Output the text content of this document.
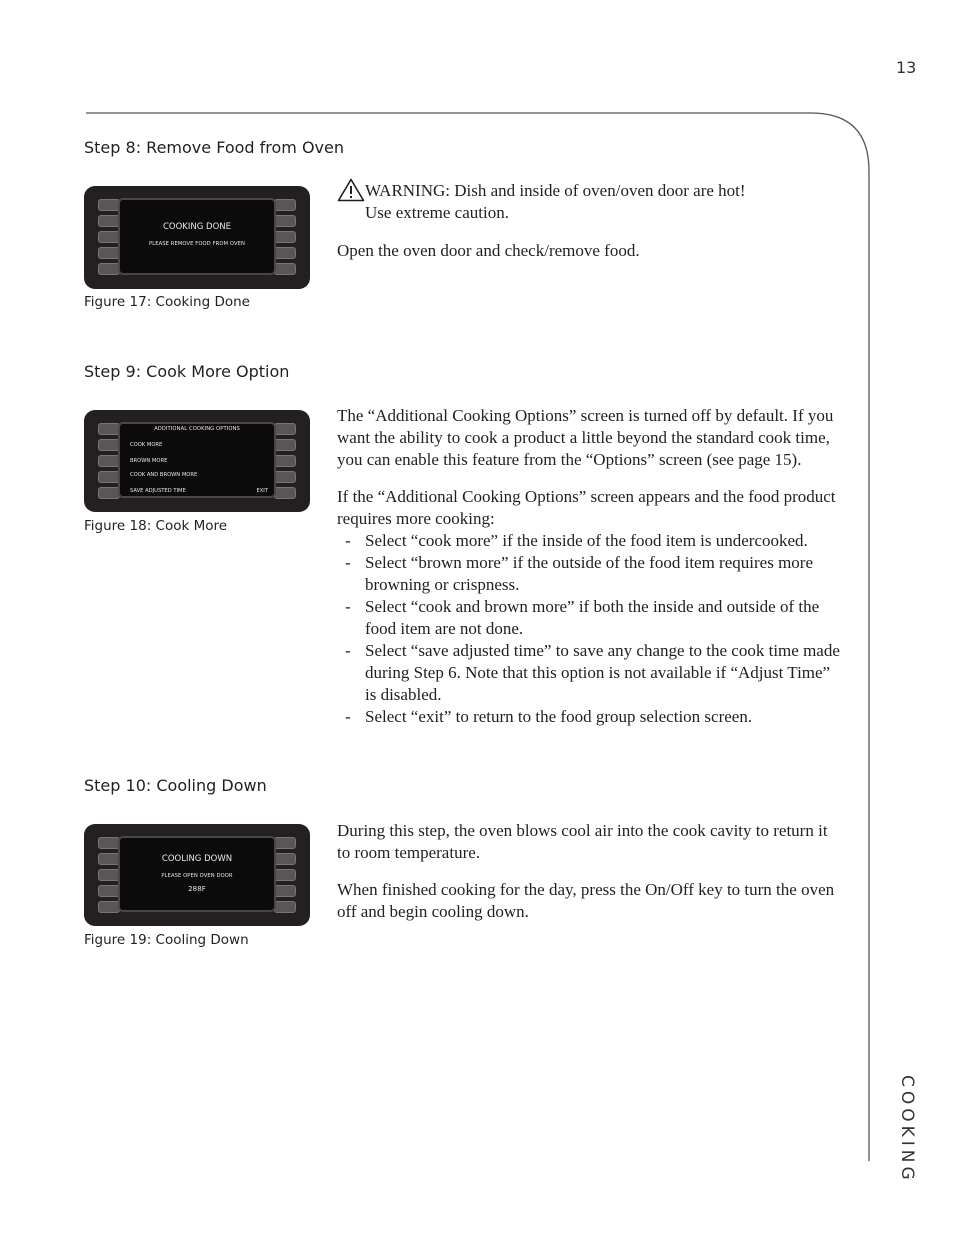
13
Step 8: Remove Food from Oven
COOKING DONE
PLEASE REMOVE FOOD FROM OVEN
Figure 17: Cooking Done
WARNING: Dish and inside of oven/oven door are hot!
Use extreme caution.
Open the oven door and check/remove food.
Step 9: Cook More Option
ADDITIONAL COOKING OPTIONS
COOK MORE
BROWN MORE
COOK AND BROWN MORE
SAVE ADJUSTED TIME	EXIT
Figure 18: Cook More
The “Additional Cooking Options” screen is turned off by default. If you want the ability to cook a product a little beyond the standard cook time, you can enable this feature from the “Options” screen (see page 15).
If the “Additional Cooking Options” screen appears and the food product requires more cooking:
- Select “cook more” if the inside of the food item is undercooked.
- Select “brown more” if the outside of the food item requires more browning or crispness.
- Select “cook and brown more” if both the inside and outside of the food item are not done.
- Select “save adjusted time” to save any change to the cook time made during Step 6. Note that this option is not available if “Adjust Time” is disabled.
- Select “exit” to return to the food group selection screen.
Step 10: Cooling Down
COOLING DOWN
PLEASE OPEN OVEN DOOR
288F
Figure 19: Cooling Down
During this step, the oven blows cool air into the cook cavity to return it to room temperature.
When finished cooking for the day, press the On/Off key to turn the oven off and begin cooling down.
COOKING
